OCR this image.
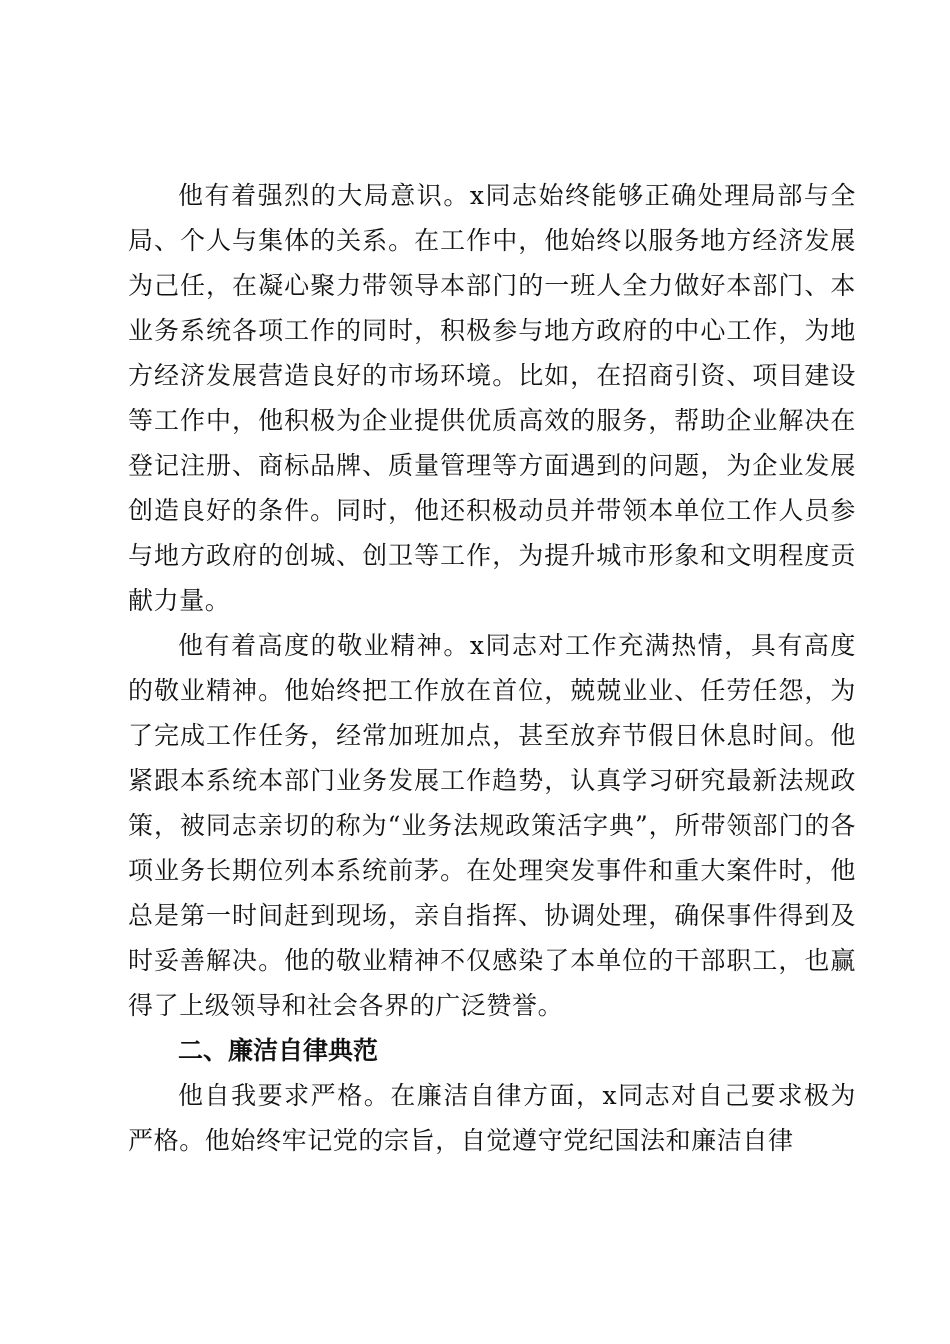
他有着强烈的大局意识。x同志始终能够正确处理局部与全局、个人与集体的关系。在工作中，他始终以服务地方经济发展为己任，在凝心聚力带领导本部门的一班人全力做好本部门、本业务系统各项工作的同时，积极参与地方政府的中心工作，为地方经济发展营造良好的市场环境。比如，在招商引资、项目建设等工作中，他积极为企业提供优质高效的服务，帮助企业解决在登记注册、商标品牌、质量管理等方面遇到的问题，为企业发展创造良好的条件。同时，他还积极动员并带领本单位工作人员参与地方政府的创城、创卫等工作，为提升城市形象和文明程度贡献力量。

他有着高度的敬业精神。x同志对工作充满热情，具有高度的敬业精神。他始终把工作放在首位，兢兢业业、任劳任怨，为了完成工作任务，经常加班加点，甚至放弃节假日休息时间。他紧跟本系统本部门业务发展工作趋势，认真学习研究最新法规政策，被同志亲切的称为“业务法规政策活字典”，所带领部门的各项业务长期位列本系统前茅。在处理突发事件和重大案件时，他总是第一时间赶到现场，亲自指挥、协调处理，确保事件得到及时妥善解决。他的敬业精神不仅感染了本单位的干部职工，也赢得了上级领导和社会各界的广泛赞誉。

二、廉洁自律典范

他自我要求严格。在廉洁自律方面，x同志对自己要求极为严格。他始终牢记党的宗旨，自觉遵守党纪国法和廉洁自律
